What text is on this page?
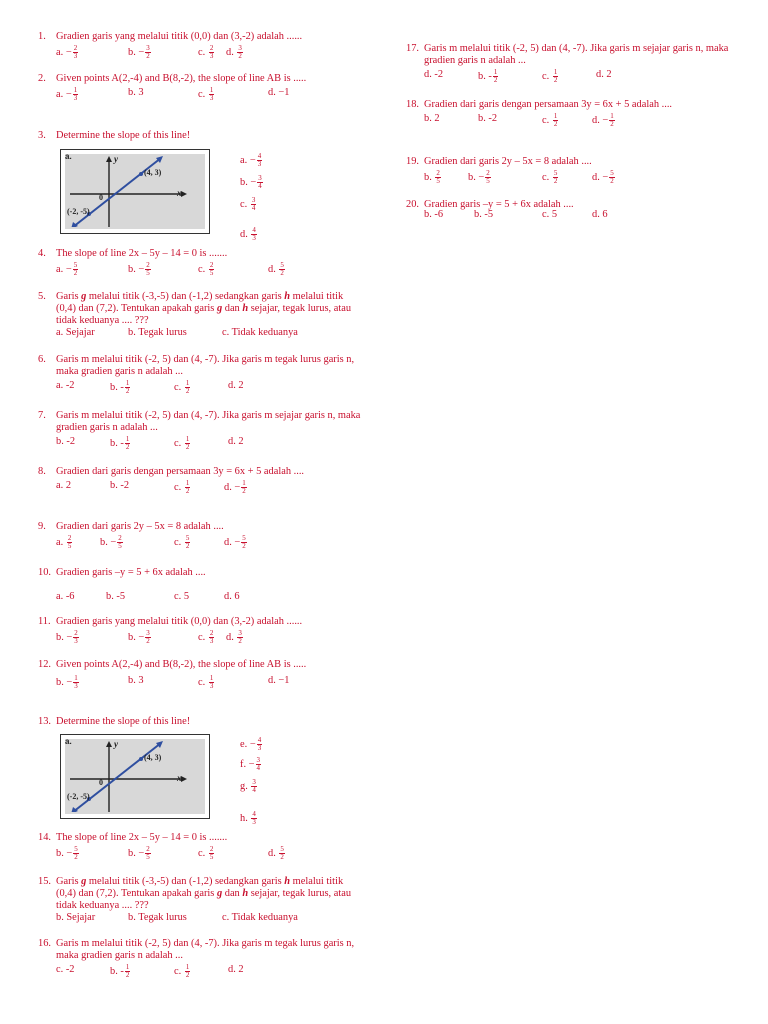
1. Gradien garis yang melalui titik (0,0) dan (3,-2) adalah ......
a. − $\frac{2}{3}$	b. − $\frac{3}{2}$	c. $\frac{2}{3} d$. $\frac{3}{2}$
2. Given points A(2,-4) and B(8,-2), the slope of line AB is .....
a. − $\frac{1}{3}$	b. 3	c. $\frac{1}{3}$	d. −1
3. Determine the slope of this line!
a.	y
x
0
(4, 3)
(-2, -5)
a. − $\frac{4}{3}$
b. − $\frac{3}{4}$
c. $\frac{3}{4}$
d. $\frac{4}{3}$
4. The slope of line 2x – 5y – 14 = 0 is .......
a. − $\frac{5}{2}$	b. − $\frac{2}{5}$	c. $\frac{2}{5}$	d. $\frac{5}{2}$
5. Garis g melalui titik (-3,-5) dan (-1,2) sedangkan garis h melalui titik (0,4) dan (7,2). Tentukan apakah garis g dan h sejajar, tegak lurus, atau tidak keduanya .... ???
a. Sejajar	b. Tegak lurus	c. Tidak keduanya
6. Garis m melalui titik (-2, 5) dan (4, -7). Jika garis m tegak lurus garis n, maka gradien garis n adalah ...
a. -2	b. - $\frac{1}{2}$	c. $\frac{1}{2}$	d. 2
7. Garis m melalui titik (-2, 5) dan (4, -7). Jika garis m sejajar garis n, maka gradien garis n adalah ...
b. -2	b. - $\frac{1}{2}$	c. $\frac{1}{2}$	d. 2
8. Gradien dari garis dengan persamaan 3y = 6x + 5 adalah ....
a. 2	b. -2	c. $\frac{1}{2}$	d. − $\frac{1}{2}$
9. Gradien dari garis 2y – 5x = 8 adalah ....
a. $\frac{2}{5}$	b. − $\frac{2}{5}$	c. $\frac{5}{2}$	d. − $\frac{5}{2}$
10. Gradien garis –y = 5 + 6x adalah ....
a. -6	b. -5	c. 5	d. 6
11. Gradien garis yang melalui titik (0,0) dan (3,-2) adalah ......
b. − $\frac{2}{3}$	b. − $\frac{3}{2}$	c. $\frac{2}{3} d$. $\frac{3}{2}$
12. Given points A(2,-4) and B(8,-2), the slope of line AB is .....
b. − $\frac{1}{3}$	b. 3	c. $\frac{1}{3}$	d. −1
13. Determine the slope of this line!
a.	y
x
0
(4, 3)
(-2, -5)
e. − $\frac{4}{3}$
f. − $\frac{3}{4}$
g. $\frac{3}{4}$
h. $\frac{4}{3}$
14. The slope of line 2x – 5y – 14 = 0 is .......
b. − $\frac{5}{2}$	b. − $\frac{2}{5}$	c. $\frac{2}{5}$	d. $\frac{5}{2}$
15. Garis g melalui titik (-3,-5) dan (-1,2) sedangkan garis h melalui titik (0,4) dan (7,2). Tentukan apakah garis g dan h sejajar, tegak lurus, atau tidak keduanya .... ???
b. Sejajar	b. Tegak lurus	c. Tidak keduanya
16. Garis m melalui titik (-2, 5) dan (4, -7). Jika garis m tegak lurus garis n, maka gradien garis n adalah ...
c. -2	b. - $\frac{1}{2}$	c. $\frac{1}{2}$	d. 2
17. Garis m melalui titik (-2, 5) dan (4, -7). Jika garis m sejajar garis n, maka gradien garis n adalah ...
d. -2	b. - $\frac{1}{2}$	c. $\frac{1}{2}$	d. 2
18. Gradien dari garis dengan persamaan 3y = 6x + 5 adalah ....
b. 2	b. -2	c. $\frac{1}{2}$	d. − $\frac{1}{2}$
19. Gradien dari garis 2y – 5x = 8 adalah ....
b. $\frac{2}{5}$	b. − $\frac{2}{5}$	c. $\frac{5}{2}$	d. − $\frac{5}{2}$
20. Gradien garis –y = 5 + 6x adalah ....
b. -6	b. -5	c. 5	d. 6
